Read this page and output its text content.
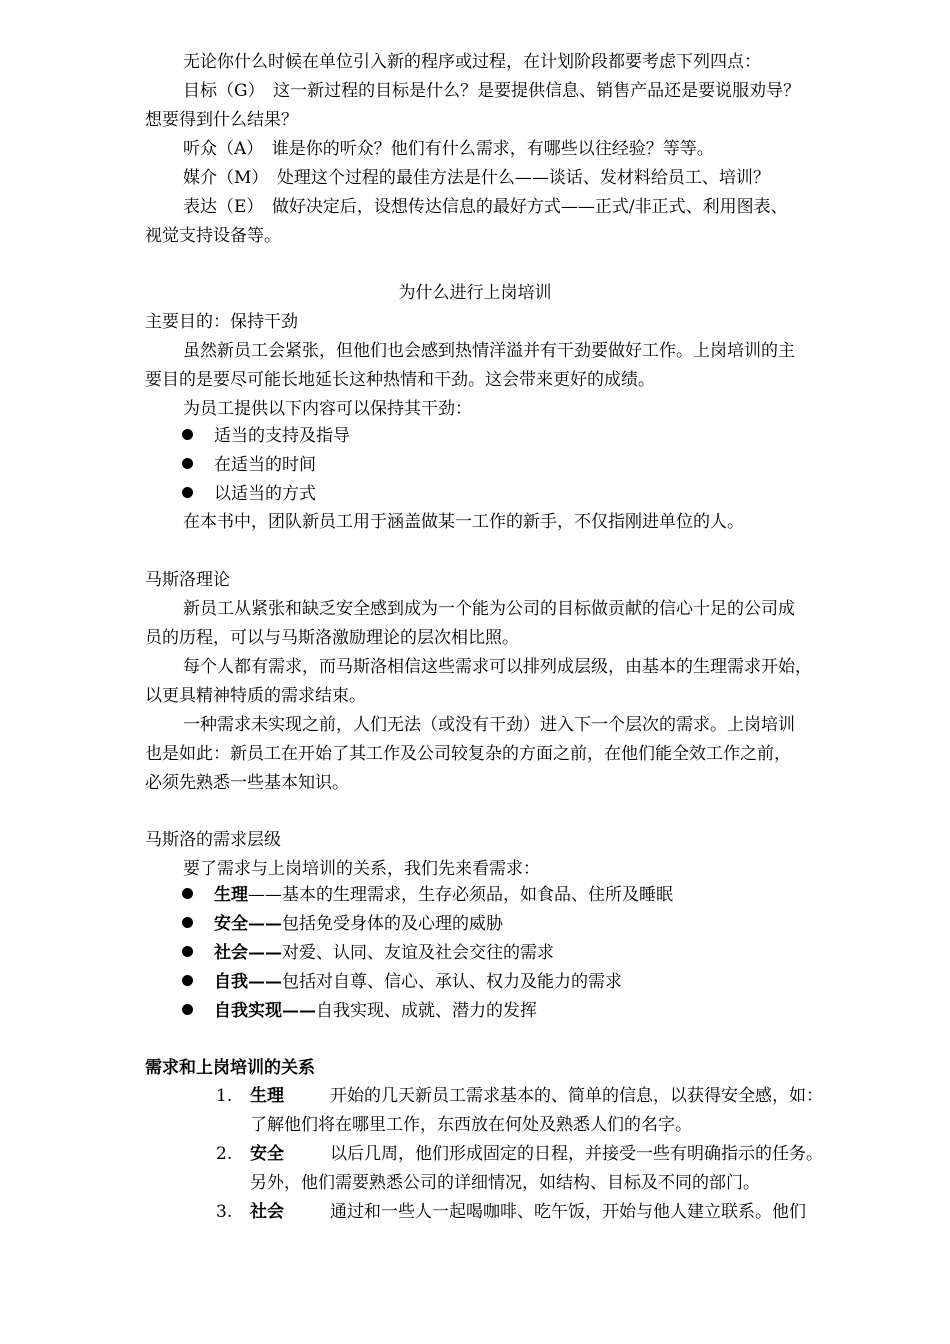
无论你什么时候在单位引入新的程序或过程，在计划阶段都要考虑下列四点：
目标（G）　这一新过程的目标是什么？是要提供信息、销售产品还是要说服劝导？
想要得到什么结果？
听众（A）　谁是你的听众？他们有什么需求，有哪些以往经验？等等。
媒介（M）　处理这个过程的最佳方法是什么——谈话、发材料给员工、培训？
表达（E）　做好决定后，设想传达信息的最好方式——正式/非正式、利用图表、
视觉支持设备等。
为什么进行上岗培训
主要目的：保持干劲
虽然新员工会紧张，但他们也会感到热情洋溢并有干劲要做好工作。上岗培训的主
要目的是要尽可能长地延长这种热情和干劲。这会带来更好的成绩。
为员工提供以下内容可以保持其干劲：
适当的支持及指导
在适当的时间
以适当的方式
在本书中，团队新员工用于涵盖做某一工作的新手，不仅指刚进单位的人。
马斯洛理论
新员工从紧张和缺乏安全感到成为一个能为公司的目标做贡献的信心十足的公司成
员的历程，可以与马斯洛激励理论的层次相比照。
每个人都有需求，而马斯洛相信这些需求可以排列成层级，由基本的生理需求开始，
以更具精神特质的需求结束。
一种需求未实现之前，人们无法（或没有干劲）进入下一个层次的需求。上岗培训
也是如此：新员工在开始了其工作及公司较复杂的方面之前，在他们能全效工作之前，
必须先熟悉一些基本知识。
马斯洛的需求层级
要了需求与上岗培训的关系，我们先来看需求：
生理——基本的生理需求，生存必须品，如食品、住所及睡眠
安全——包括免受身体的及心理的威胁
社会——对爱、认同、友谊及社会交往的需求
自我——包括对自尊、信心、承认、权力及能力的需求
自我实现——自我实现、成就、潜力的发挥
需求和上岗培训的关系
1. 生理	开始的几天新员工需求基本的、简单的信息，以获得安全感，如：
了解他们将在哪里工作，东西放在何处及熟悉人们的名字。
2. 安全	以后几周，他们形成固定的日程，并接受一些有明确指示的任务。
另外，他们需要熟悉公司的详细情况，如结构、目标及不同的部门。
3. 社会	通过和一些人一起喝咖啡、吃午饭，开始与他人建立联系。他们
